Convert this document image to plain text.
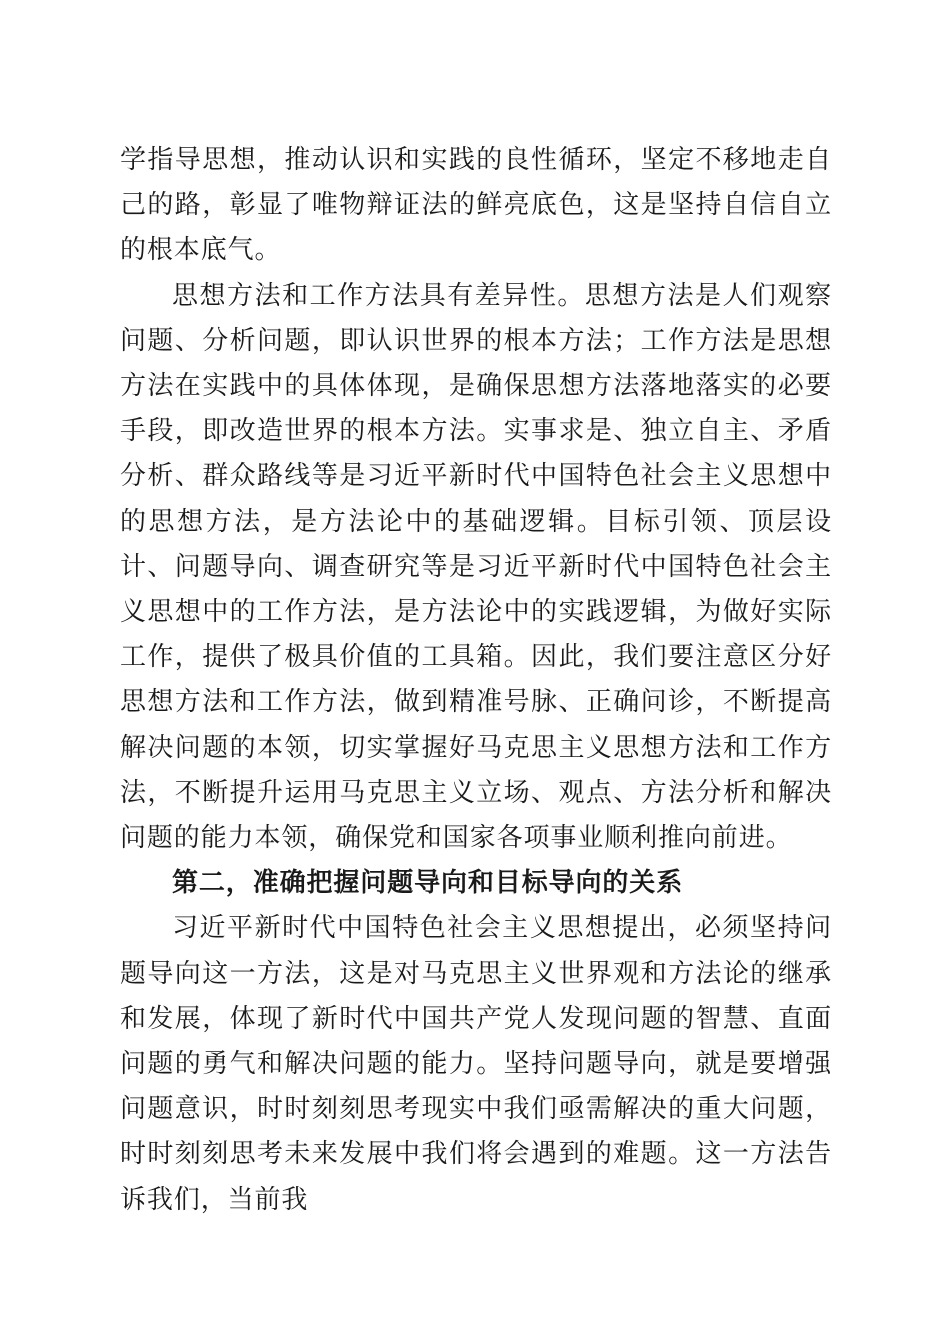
学指导思想，推动认识和实践的良性循环，坚定不移地走自己的路，彰显了唯物辩证法的鲜亮底色，这是坚持自信自立的根本底气。

思想方法和工作方法具有差异性。思想方法是人们观察问题、分析问题，即认识世界的根本方法；工作方法是思想方法在实践中的具体体现，是确保思想方法落地落实的必要手段，即改造世界的根本方法。实事求是、独立自主、矛盾分析、群众路线等是习近平新时代中国特色社会主义思想中的思想方法，是方法论中的基础逻辑。目标引领、顶层设计、问题导向、调查研究等是习近平新时代中国特色社会主义思想中的工作方法，是方法论中的实践逻辑，为做好实际工作，提供了极具价值的工具箱。因此，我们要注意区分好思想方法和工作方法，做到精准号脉、正确问诊，不断提高解决问题的本领，切实掌握好马克思主义思想方法和工作方法，不断提升运用马克思主义立场、观点、方法分析和解决问题的能力本领，确保党和国家各项事业顺利推向前进。

第二，准确把握问题导向和目标导向的关系

习近平新时代中国特色社会主义思想提出，必须坚持问题导向这一方法，这是对马克思主义世界观和方法论的继承和发展，体现了新时代中国共产党人发现问题的智慧、直面问题的勇气和解决问题的能力。坚持问题导向，就是要增强问题意识，时时刻刻思考现实中我们亟需解决的重大问题，时时刻刻思考未来发展中我们将会遇到的难题。这一方法告诉我们，当前我
